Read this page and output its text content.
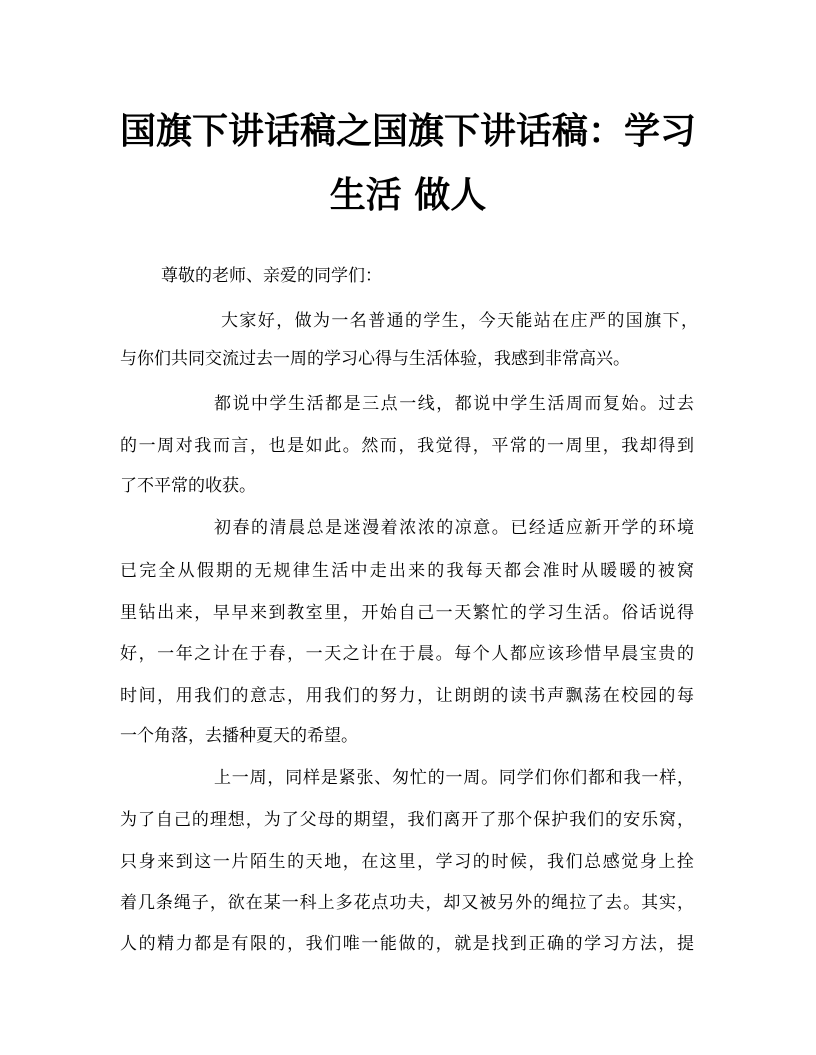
国旗下讲话稿之国旗下讲话稿：学习
生活 做人
尊敬的老师、亲爱的同学们：
大家好，做为一名普通的学生，今天能站在庄严的国旗下，
与你们共同交流过去一周的学习心得与生活体验，我感到非常高兴。
都说中学生活都是三点一线，都说中学生活周而复始。过去
的一周对我而言，也是如此。然而，我觉得，平常的一周里，我却得到
了不平常的收获。
初春的清晨总是迷漫着浓浓的凉意。已经适应新开学的环境
已完全从假期的无规律生活中走出来的我每天都会准时从暖暖的被窝
里钻出来，早早来到教室里，开始自己一天繁忙的学习生活。俗话说得
好，一年之计在于春，一天之计在于晨。每个人都应该珍惜早晨宝贵的
时间，用我们的意志，用我们的努力，让朗朗的读书声飘荡在校园的每
一个角落，去播种夏天的希望。
上一周，同样是紧张、匆忙的一周。同学们你们都和我一样，
为了自己的理想，为了父母的期望，我们离开了那个保护我们的安乐窝，
只身来到这一片陌生的天地，在这里，学习的时候，我们总感觉身上拴
着几条绳子，欲在某一科上多花点功夫，却又被另外的绳拉了去。其实，
人的精力都是有限的，我们唯一能做的，就是找到正确的学习方法，提
